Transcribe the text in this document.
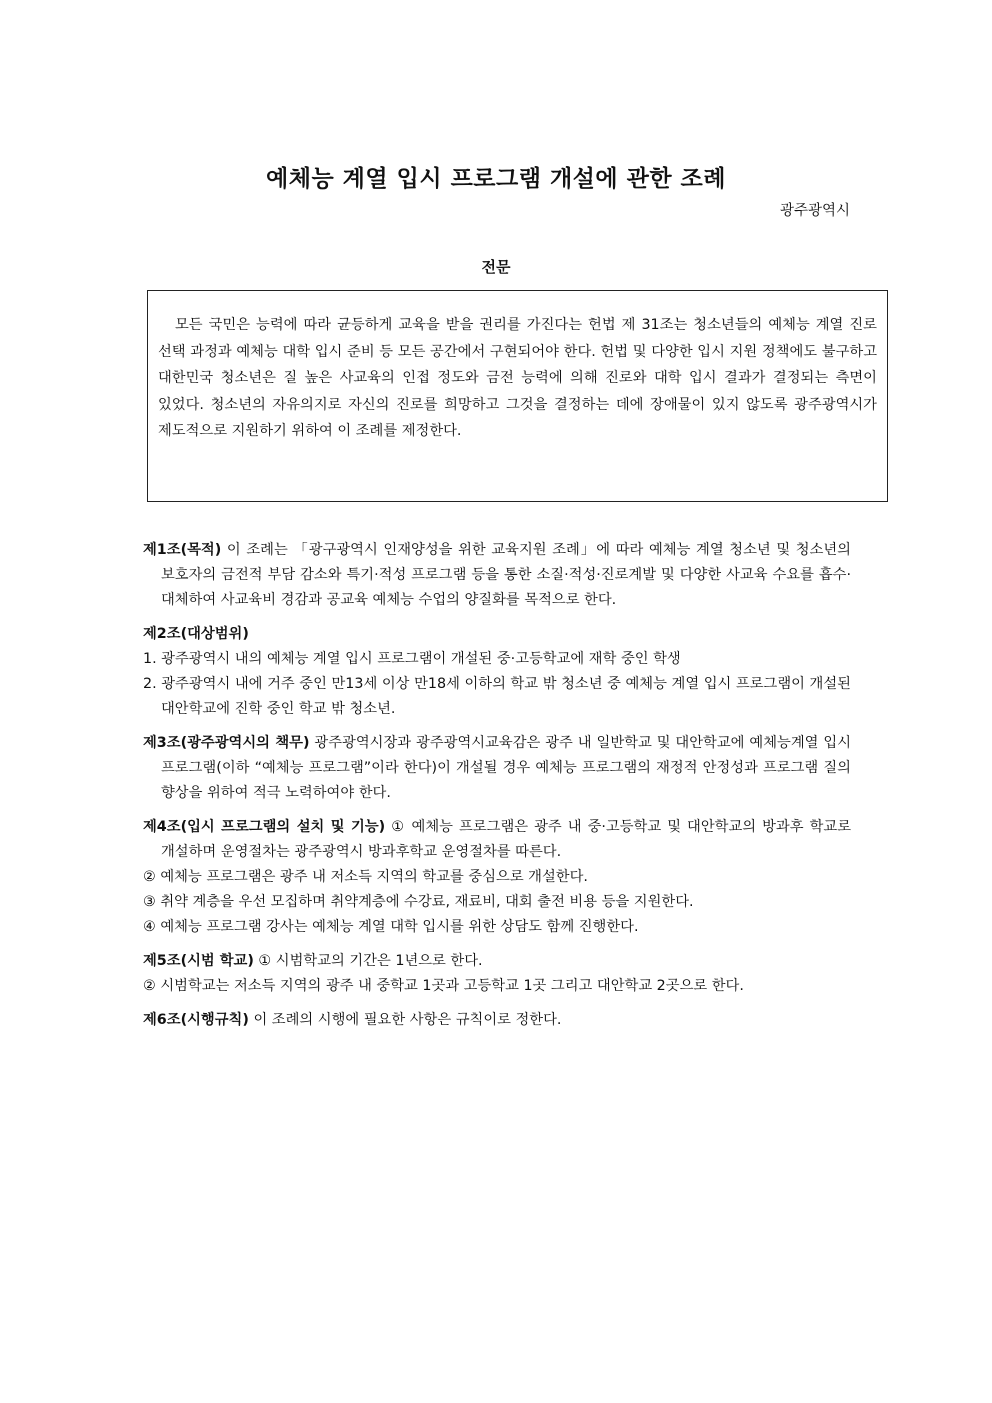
예체능 계열 입시 프로그램 개설에 관한 조례
광주광역시
전문

모든 국민은 능력에 따라 균등하게 교육을 받을 권리를 가진다는 헌법 제 31조는 청소년들의 예체능 계열 진로 선택 과정과 예체능 대학 입시 준비 등 모든 공간에서 구현되어야 한다. 헌법 및 다양한 입시 지원 정책에도 불구하고 대한민국 청소년은 질 높은 사교육의 인접 정도와 금전 능력에 의해 진로와 대학 입시 결과가 결정되는 측면이 있었다. 청소년의 자유의지로 자신의 진로를 희망하고 그것을 결정하는 데에 장애물이 있지 않도록 광주광역시가 제도적으로 지원하기 위하여 이 조례를 제정한다.

제1조(목적) 이 조례는 「광구광역시 인재양성을 위한 교육지원 조례」에 따라 예체능 계열 청소년 및 청소년의 보호자의 금전적 부담 감소와 특기·적성 프로그램 등을 통한 소질·적성·진로계발 및 다양한 사교육 수요를 흡수·대체하여 사교육비 경감과 공교육 예체능 수업의 양질화를 목적으로 한다.

제2조(대상범위)

1. 광주광역시 내의 예체능 계열 입시 프로그램이 개설된 중·고등학교에 재학 중인 학생

2. 광주광역시 내에 거주 중인 만13세 이상 만18세 이하의 학교 밖 청소년 중 예체능 계열 입시 프로그램이 개설된 대안학교에 진학 중인 학교 밖 청소년.

제3조(광주광역시의 책무) 광주광역시장과 광주광역시교육감은 광주 내 일반학교 및 대안학교에 예체능계열 입시 프로그램(이하 “예체능 프로그램”이라 한다)이 개설될 경우 예체능 프로그램의 재정적 안정성과 프로그램 질의 향상을 위하여 적극 노력하여야 한다.

제4조(입시 프로그램의 설치 및 기능) ① 예체능 프로그램은 광주 내 중·고등학교 및 대안학교의 방과후 학교로 개설하며 운영절차는 광주광역시 방과후학교 운영절차를 따른다.

② 예체능 프로그램은 광주 내 저소득 지역의 학교를 중심으로 개설한다.

③ 취약 계층을 우선 모집하며 취약계층에 수강료, 재료비, 대회 출전 비용 등을 지원한다.

④ 예체능 프로그램 강사는 예체능 계열 대학 입시를 위한 상담도 함께 진행한다.

제5조(시범 학교) ① 시범학교의 기간은 1년으로 한다.

② 시범학교는 저소득 지역의 광주 내 중학교 1곳과 고등학교 1곳 그리고 대안학교 2곳으로 한다.

제6조(시행규칙) 이 조례의 시행에 필요한 사항은 규칙이로 정한다.
